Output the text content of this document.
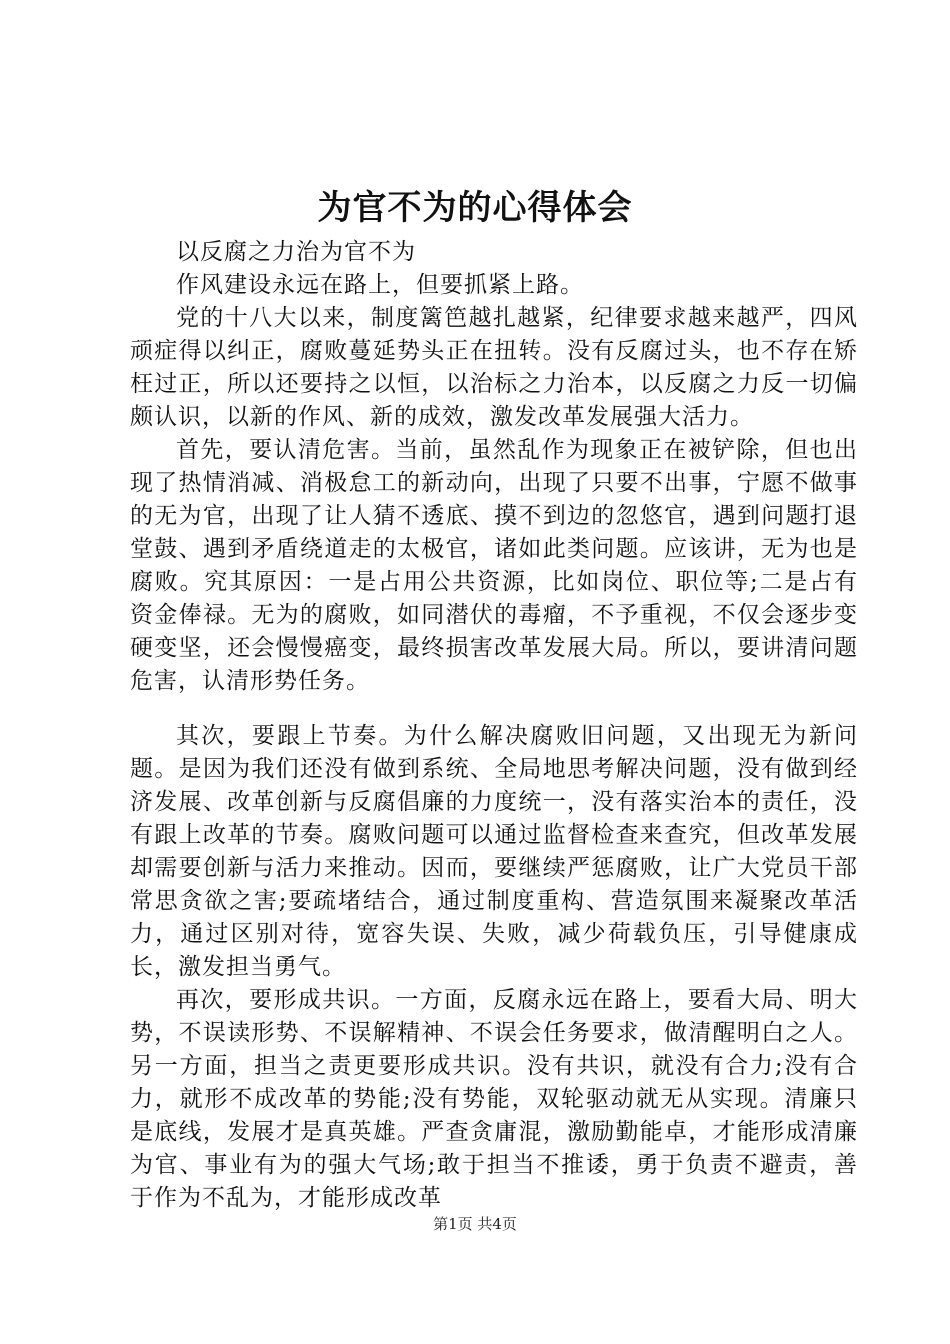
为官不为的心得体会

以反腐之力治为官不为

作风建设永远在路上，但要抓紧上路。

党的十八大以来，制度篱笆越扎越紧，纪律要求越来越严，四风顽症得以纠正，腐败蔓延势头正在扭转。没有反腐过头，也不存在矫枉过正，所以还要持之以恒，以治标之力治本，以反腐之力反一切偏颇认识，以新的作风、新的成效，激发改革发展强大活力。

首先，要认清危害。当前，虽然乱作为现象正在被铲除，但也出现了热情消减、消极怠工的新动向，出现了只要不出事，宁愿不做事的无为官，出现了让人猜不透底、摸不到边的忽悠官，遇到问题打退堂鼓、遇到矛盾绕道走的太极官，诸如此类问题。应该讲，无为也是腐败。究其原因：一是占用公共资源，比如岗位、职位等;二是占有资金俸禄。无为的腐败，如同潜伏的毒瘤，不予重视，不仅会逐步变硬变坚，还会慢慢癌变，最终损害改革发展大局。所以，要讲清问题危害，认清形势任务。

其次，要跟上节奏。为什么解决腐败旧问题，又出现无为新问题。是因为我们还没有做到系统、全局地思考解决问题，没有做到经济发展、改革创新与反腐倡廉的力度统一，没有落实治本的责任，没有跟上改革的节奏。腐败问题可以通过监督检查来查究，但改革发展却需要创新与活力来推动。因而，要继续严惩腐败，让广大党员干部常思贪欲之害;要疏堵结合，通过制度重构、营造氛围来凝聚改革活力，通过区别对待，宽容失误、失败，减少荷载负压，引导健康成长，激发担当勇气。

再次，要形成共识。一方面，反腐永远在路上，要看大局、明大势，不误读形势、不误解精神、不误会任务要求，做清醒明白之人。另一方面，担当之责更要形成共识。没有共识，就没有合力;没有合力，就形不成改革的势能;没有势能，双轮驱动就无从实现。清廉只是底线，发展才是真英雄。严查贪庸混，激励勤能卓，才能形成清廉为官、事业有为的强大气场;敢于担当不推诿，勇于负责不避责，善于作为不乱为，才能形成改革

第1页 共4页
